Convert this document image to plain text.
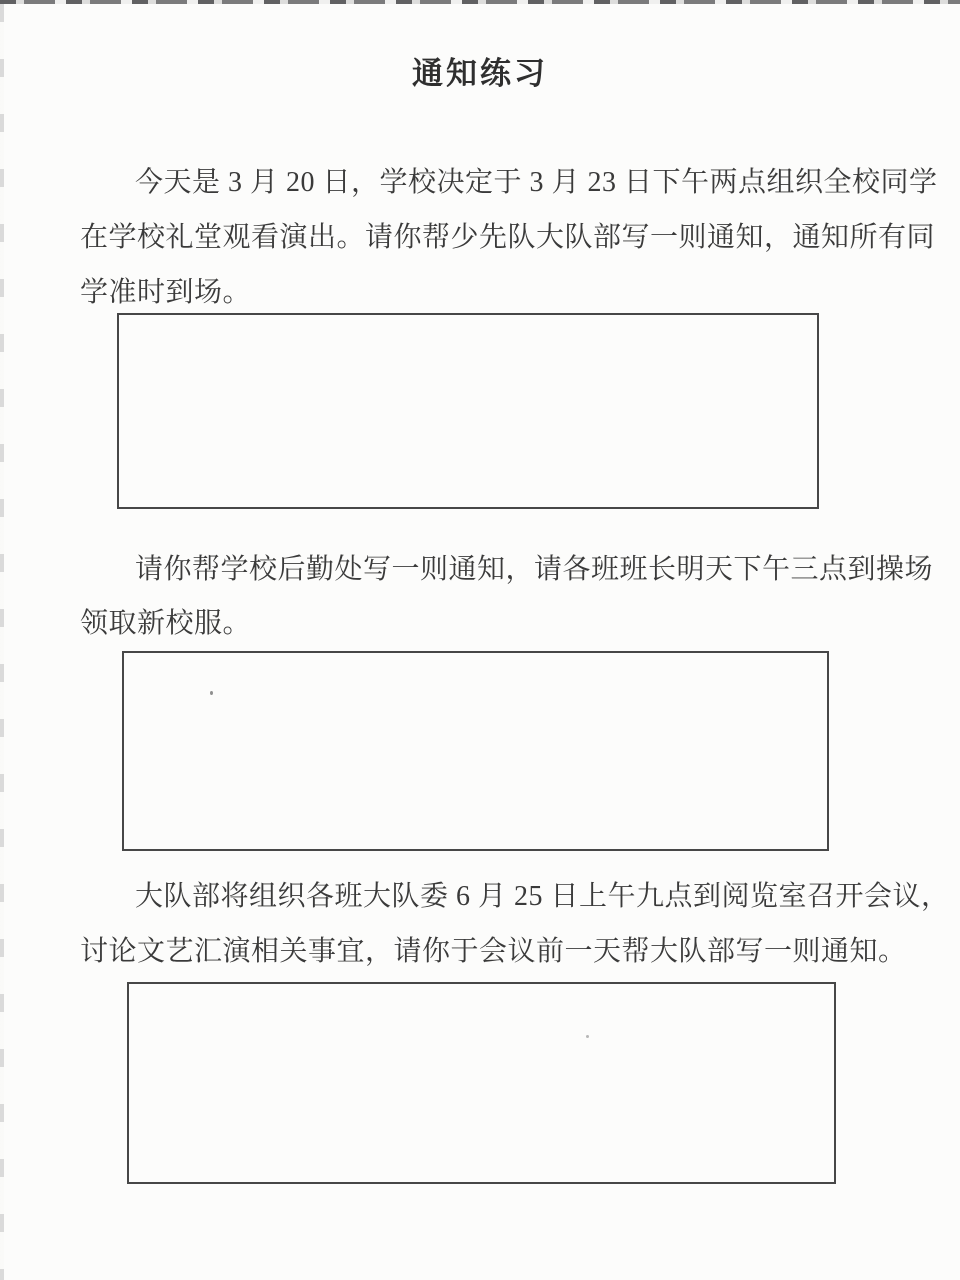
通知练习
今天是 3 月 20 日，学校决定于 3 月 23 日下午两点组织全校同学
在学校礼堂观看演出。请你帮少先队大队部写一则通知，通知所有同
学准时到场。
请你帮学校后勤处写一则通知，请各班班长明天下午三点到操场
领取新校服。
大队部将组织各班大队委 6 月 25 日上午九点到阅览室召开会议，
讨论文艺汇演相关事宜，请你于会议前一天帮大队部写一则通知。
